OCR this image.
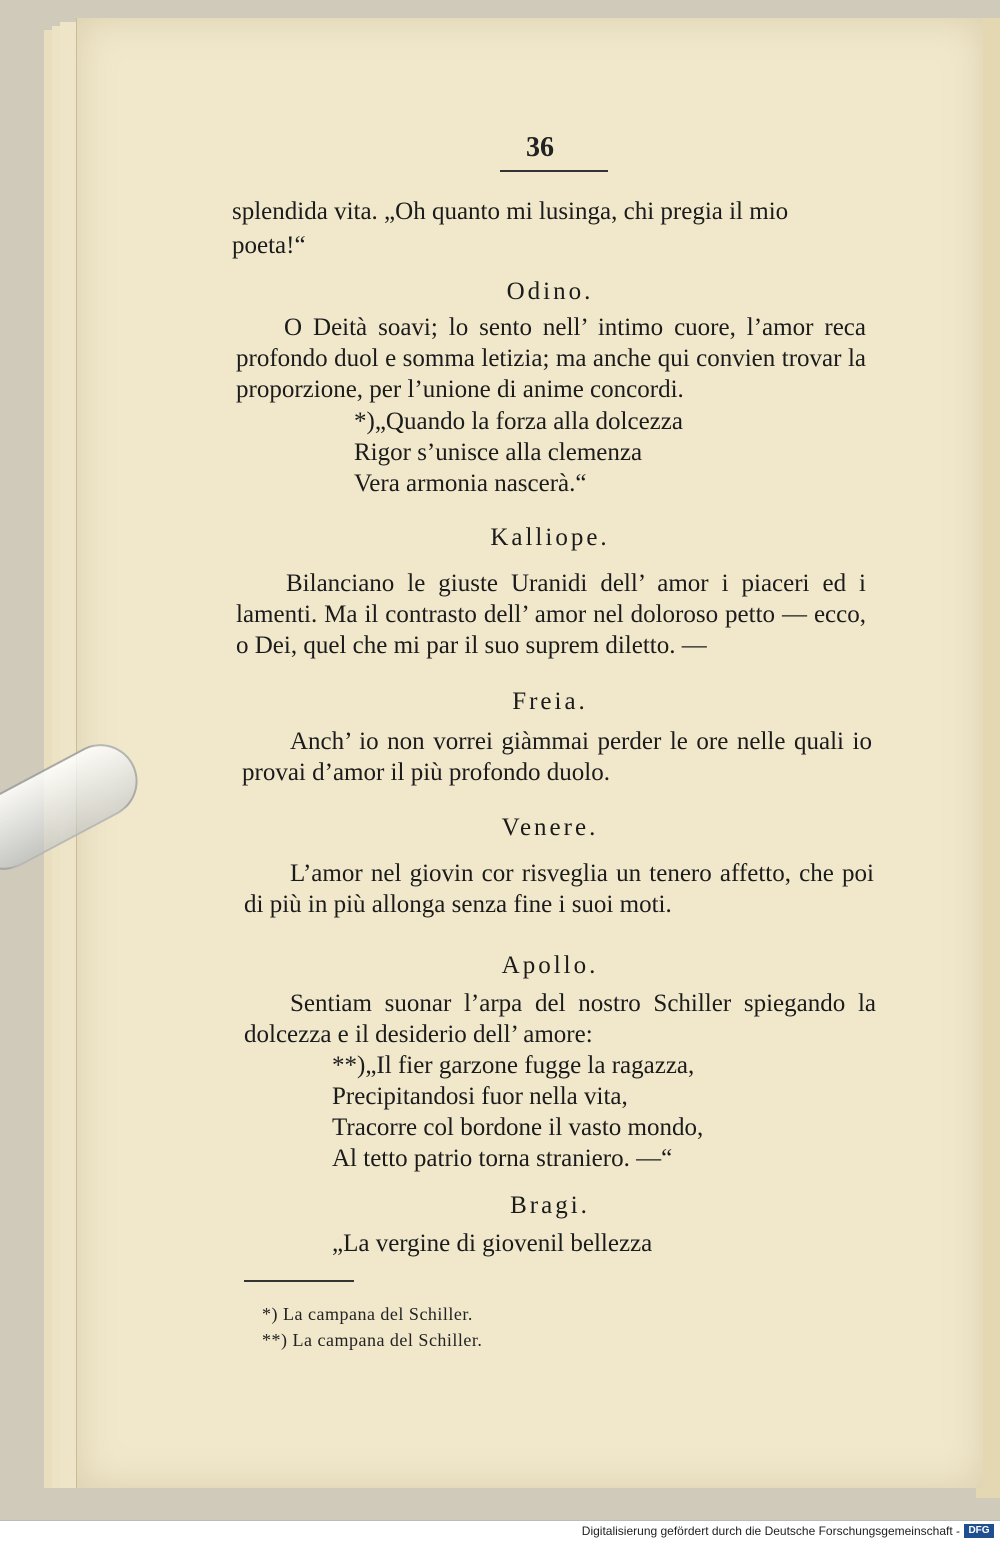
36
splendida vita. „Oh quanto mi lusinga, chi pregia il mio
poeta!“
Odino.
O Deità soavi; lo sento nell’ intimo cuore, l’amor reca profondo duol e somma letizia; ma anche qui convien trovar la proporzione, per l’unione di anime concordi.
*)„Quando la forza alla dolcezza
Rigor s’unisce alla clemenza
Vera armonia nascerà.“
Kalliope.
Bilanciano le giuste Uranidi dell’ amor i piaceri ed i lamenti. Ma il contrasto dell’ amor nel doloroso petto — ecco, o Dei, quel che mi par il suo suprem diletto. —
Freia.
Anch’ io non vorrei giàmmai perder le ore nelle quali io provai d’amor il più profondo duolo.
Venere.
L’amor nel giovin cor risveglia un tenero affetto, che poi di più in più allonga senza fine i suoi moti.
Apollo.
Sentiam suonar l’arpa del nostro Schiller spiegando la dolcezza e il desiderio dell’ amore:
**)„Il fier garzone fugge la ragazza,
Precipitandosi fuor nella vita,
Tracorre col bordone il vasto mondo,
Al tetto patrio torna straniero. —“
Bragi.
„La vergine di giovenil bellezza
*) La campana del Schiller.
**) La campana del Schiller.
Digitalisierung gefördert durch die Deutsche Forschungsgemeinschaft - DFG
